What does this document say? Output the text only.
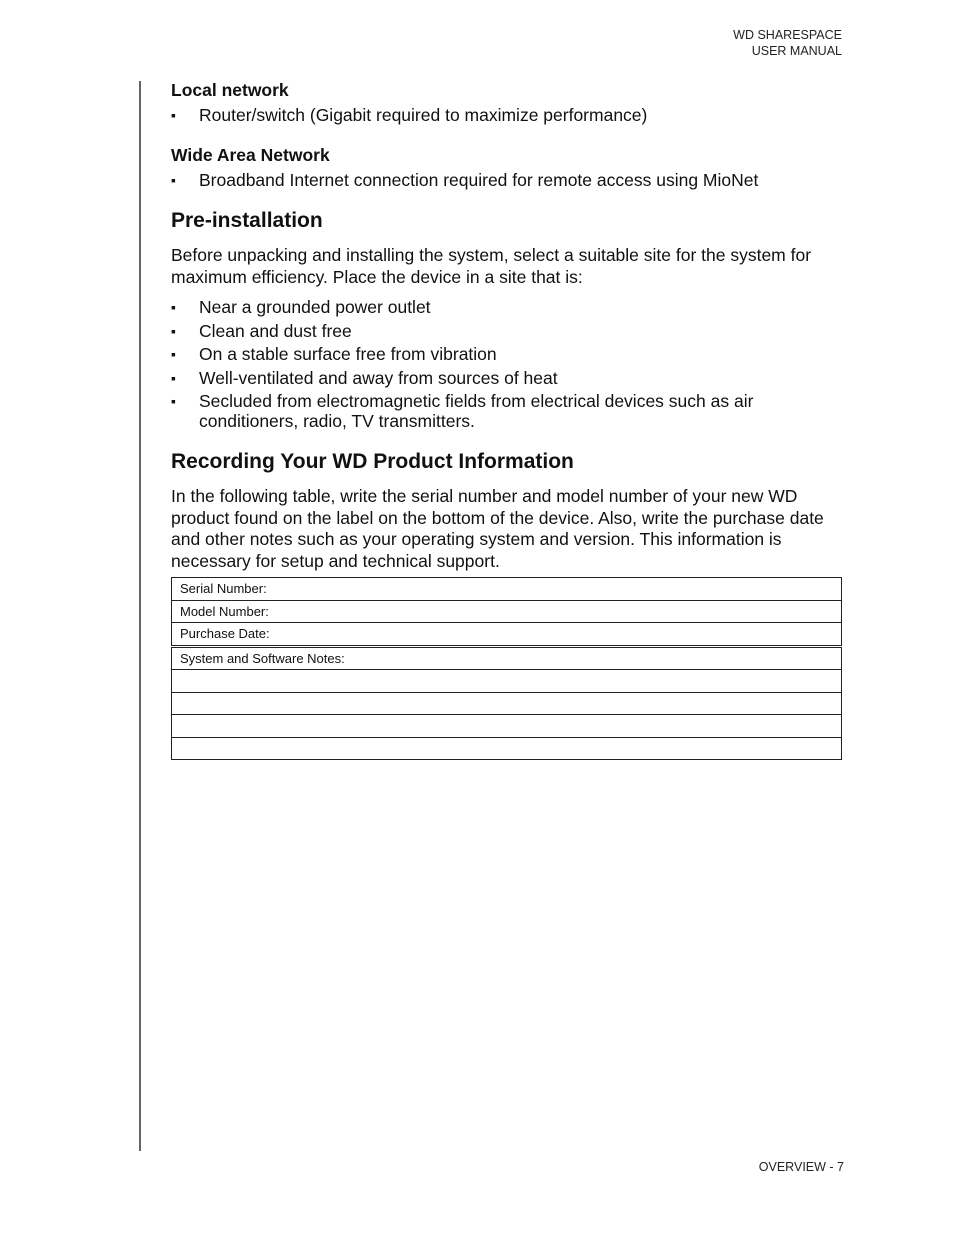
WD SHARESPACE
USER MANUAL
Local network
▪ Router/switch (Gigabit required to maximize performance)
Wide Area Network
▪ Broadband Internet connection required for remote access using MioNet
Pre-installation

Before unpacking and installing the system, select a suitable site for the system for maximum efficiency. Place the device in a site that is:

▪ Near a grounded power outlet
▪ Clean and dust free
▪ On a stable surface free from vibration
▪ Well-ventilated and away from sources of heat
▪ Secluded from electromagnetic fields from electrical devices such as air conditioners, radio, TV transmitters.
Recording Your WD Product Information

In the following table, write the serial number and model number of your new WD product found on the label on the bottom of the device. Also, write the purchase date and other notes such as your operating system and version. This information is necessary for setup and technical support.

Serial Number:
Model Number:
Purchase Date:
System and Software Notes:

OVERVIEW - 7
